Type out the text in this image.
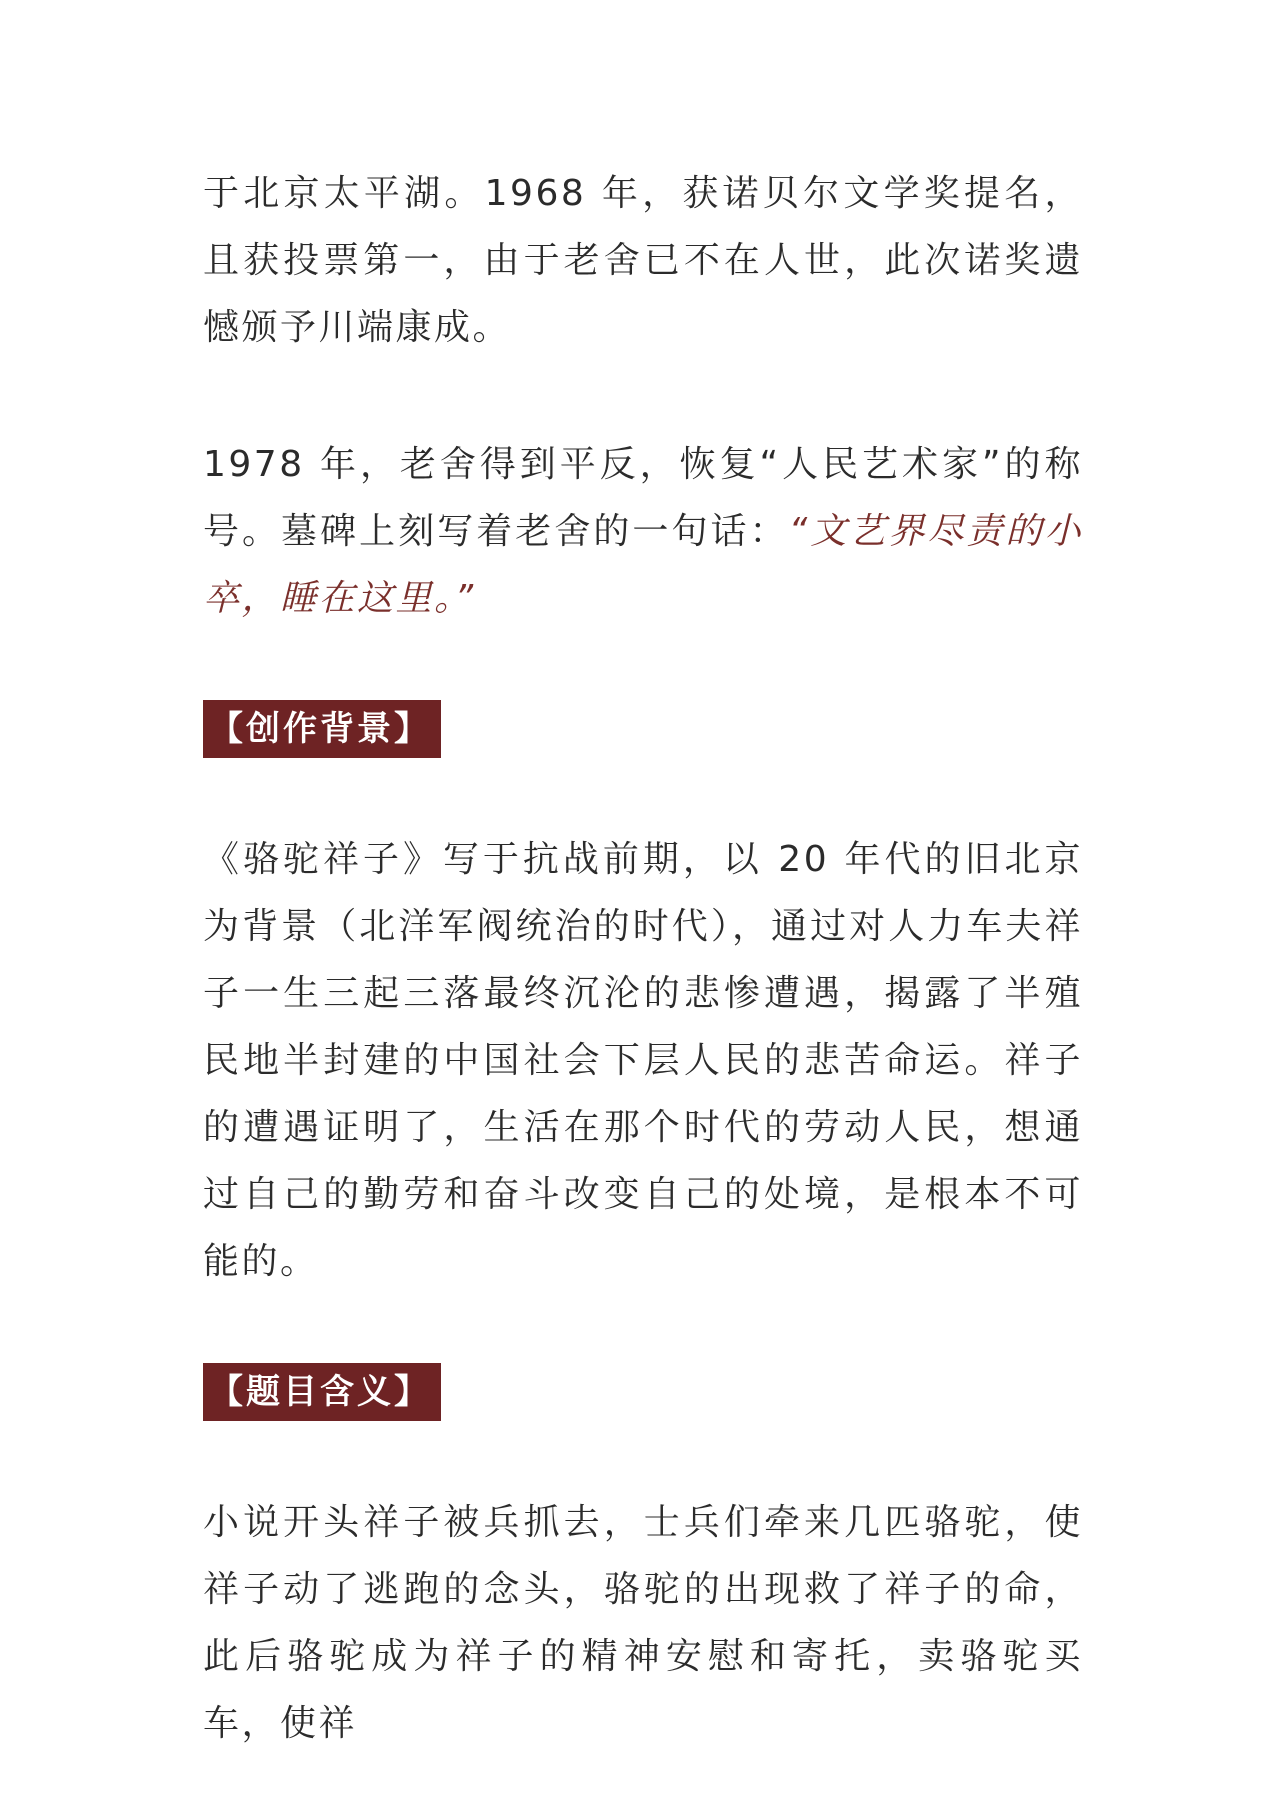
于北京太平湖。1968 年，获诺贝尔文学奖提名，且获投票第一，由于老舍已不在人世，此次诺奖遗憾颁予川端康成。

1978 年，老舍得到平反，恢复“人民艺术家”的称号。墓碑上刻写着老舍的一句话：“文艺界尽责的小卒，睡在这里。”

【创作背景】

《骆驼祥子》写于抗战前期，以 20 年代的旧北京为背景（北洋军阀统治的时代），通过对人力车夫祥子一生三起三落最终沉沦的悲惨遭遇，揭露了半殖民地半封建的中国社会下层人民的悲苦命运。祥子的遭遇证明了，生活在那个时代的劳动人民，想通过自己的勤劳和奋斗改变自己的处境，是根本不可能的。

【题目含义】

小说开头祥子被兵抓去，士兵们牵来几匹骆驼，使祥子动了逃跑的念头，骆驼的出现救了祥子的命，此后骆驼成为祥子的精神安慰和寄托，卖骆驼买车，使祥
